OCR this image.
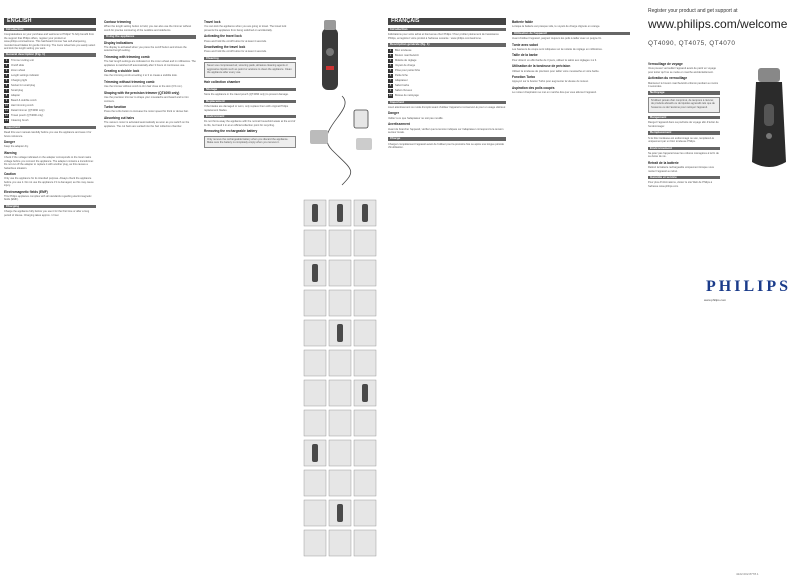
ENGLISH
Introduction

Congratulations on your purchase and welcome to Philips! To fully benefit from the support that Philips offers, register your product at www.philips.com/welcome. This hair/beard trimmer has self-sharpening, rounded steel blades for gentle trimming. The zoom wheel lets you easily select and lock the length setting you want.

General description (Fig. 1)
1	Trimmer cutting unit
2	On/off slide
3	Zoom wheel
4	Length settings indicator
5	Charging light
6	Socket for small plug
7	Small plug
8	Adapter
9	Beard & stubble comb
10	Hair trimming comb
11	Detail trimmer (QT4090 only)
12	Travel pouch (QT4090 only)
13	Cleaning brush
Important

Read this user manual carefully before you use the appliance and save it for future reference.

Danger

Keep the adapter dry.

Warning

Check if the voltage indicated on the adapter corresponds to the local mains voltage before you connect the appliance. The adapter contains a transformer. Do not cut off the adapter to replace it with another plug, as this causes a hazardous situation.

Caution

Only use the appliance for its intended purpose. Always check the appliance before you use it. Do not use the appliance if it is damaged, as this may cause injury.

Electromagnetic fields (EMF)

This Philips appliance complies with all standards regarding electromagnetic fields (EMF).

Charging

Charge the appliance fully before you use it for the first time or after a long period of disuse. Charging takes approx. 1 hour.

Contour trimming

When the length setting button is held, you can also use the trimmer without comb for precise contouring of the neckline and sideburns.

Using the appliance
Display indications

The display is activated when you press the on/off button and shows the selected length setting.

Trimming with trimming comb

The hair length settings are indicated on the zoom wheel and in millimetres. The appliance is switched off automatically after 3 hours of continuous use.

Creating a stubble look

Use the trimming comb at setting 1 to 3 to create a stubble look.

Trimming without trimming comb

Use the trimmer without comb to trim hair close to the skin (0.5 mm).

Shaping with the precision trimmer (QT4090 only)

Use the precision trimmer to shape your moustache and beard and to trim contours.

Turbo function

Press the turbo button to increase the motor speed for thick or dense hair.

Absorbing cut hairs

The vacuum motor is activated automatically as soon as you switch on the appliance. The cut hairs are sucked into the hair collection chamber.

Travel lock

You can lock the appliance when you are going to travel. The travel lock prevents the appliance from being switched on accidentally.

Activating the travel lock

Press and hold the on/off button for at least 4 seconds.

Deactivating the travel lock

Press and hold the on/off button for at least 4 seconds.

Cleaning

Never use compressed air, scouring pads, abrasive cleaning agents or aggressive liquids such as petrol or acetone to clean the appliance. Clean the appliance after every use.

Hair collection chamber
Storage

Store the appliance in the travel pouch (QT4090 only) to prevent damage.

Replacement

If the blades are damaged or worn, only replace them with original Philips replacement blades.

Environment

Do not throw away the appliance with the normal household waste at the end of its life, but hand it in at an official collection point for recycling.

Removing the rechargeable battery

Only remove the rechargeable battery when you discard the appliance. Make sure the battery is completely empty when you remove it.

FRANÇAIS
Introduction

Félicitations pour votre achat et bienvenue chez Philips ! Pour profiter pleinement de l'assistance Philips, enregistrez votre produit à l'adresse suivante : www.philips.com/welcome.

Description générale (fig. 1)
1	Bloc tondeuse
2	Bouton marche/arrêt
3	Molette de réglage
4	Voyant de charge
5	Prise pour petite fiche
6	Petite fiche
7	Adaptateur
8	Sabot barbe
9	Sabot cheveux
10	Brosse de nettoyage
Important

Lisez attentivement ce mode d'emploi avant d'utiliser l'appareil et conservez-le pour un usage ultérieur.

Danger

Veillez à ce que l'adaptateur ne soit pas mouillé.

Avertissement

Avant de brancher l'appareil, vérifiez que la tension indiquée sur l'adaptateur correspond à la tension secteur locale.

Charge

Chargez complètement l'appareil avant de l'utiliser pour la première fois ou après une longue période d'inutilisation.

Batterie faible

Lorsque la batterie est presque vide, le voyant de charge clignote en orange.

Utilisation de l'appareil

Avant d'utiliser l'appareil, peignez toujours les poils à tailler avec un peigne fin.

Tonte avec sabot

Les hauteurs de coupe sont indiquées sur la molette de réglage en millimètres.

Taille de la barbe

Pour obtenir un effet barbe de 3 jours, utilisez le sabot aux réglages 1 à 3.

Utilisation de la tondeuse de précision

Utilisez la tondeuse de précision pour tailler votre moustache et votre barbe.

Fonction Turbo

Appuyez sur le bouton Turbo pour augmenter la vitesse du moteur.

Aspiration des poils coupés

Le moteur d'aspiration se met en marche dès que vous allumez l'appareil.

Register your product and get support at
www.philips.com/welcome
QT4090, QT4075, QT4070
Verrouillage de voyage

Vous pouvez verrouiller l'appareil avant de partir en voyage pour éviter qu'il ne se mette en marche accidentellement.

Activation du verrouillage

Maintenez le bouton marche/arrêt enfoncé pendant au moins 4 secondes.

Nettoyage

N'utilisez jamais d'air comprimé, de tampons à récurer, de produits abrasifs ou de liquides agressifs tels que de l'essence ou de l'acétone pour nettoyer l'appareil.

Rangement

Rangez l'appareil dans sa pochette de voyage afin d'éviter de l'endommager.

Remplacement

Si le bloc tondeuse est endommagé ou usé, remplacez-le uniquement par un bloc tondeuse Philips.

Environnement

Ne jetez pas l'appareil avec les ordures ménagères à la fin de sa durée de vie.

Retrait de la batterie

Retirez la batterie rechargeable uniquement lorsque vous mettez l'appareil au rebut.

Garantie et service

Pour plus d'informations, visitez le site Web de Philips à l'adresse www.philips.com.

PHILIPS
www.philips.com
4222.002.8778.1
